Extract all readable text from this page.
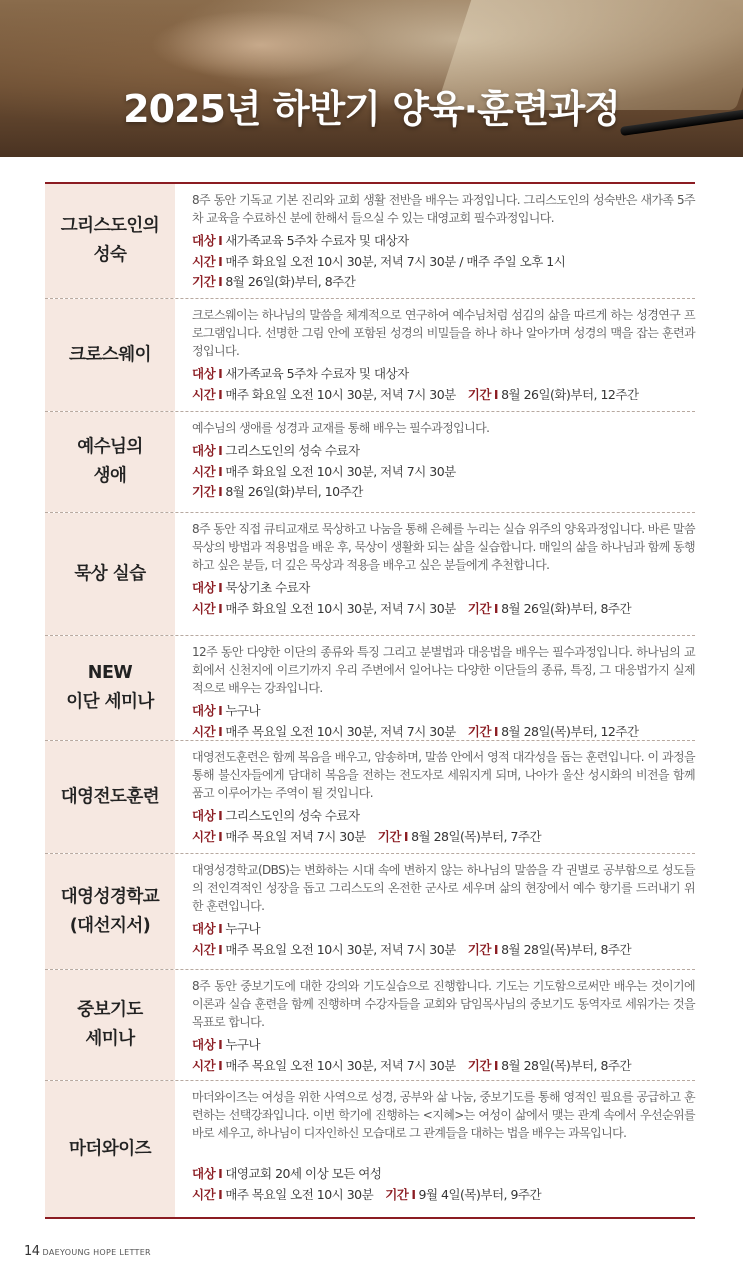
2025년 하반기 양육·훈련과정
그리스도인의
성숙
8주 동안 기독교 기본 진리와 교회 생활 전반을 배우는 과정입니다. 그리스도인의 성숙반은 새가족 5주차 교육을 수료하신 분에 한해서 들으실 수 있는 대영교회 필수과정입니다.
대상 I 새가족교육 5주차 수료자 및 대상자
시간 I 매주 화요일 오전 10시 30분, 저녁 7시 30분 / 매주 주일 오후 1시
기간 I 8월 26일(화)부터, 8주간
크로스웨이
크로스웨이는 하나님의 말씀을 체계적으로 연구하여 예수님처럼 섬김의 삶을 따르게 하는 성경연구 프로그램입니다. 선명한 그림 안에 포함된 성경의 비밀들을 하나 하나 알아가며 성경의 맥을 잡는 훈련과정입니다.
대상 I 새가족교육 5주차 수료자 및 대상자
시간 I 매주 화요일 오전 10시 30분, 저녁 7시 30분 기간 I 8월 26일(화)부터, 12주간
예수님의
생애
예수님의 생애를 성경과 교재를 통해 배우는 필수과정입니다.
대상 I 그리스도인의 성숙 수료자
시간 I 매주 화요일 오전 10시 30분, 저녁 7시 30분
기간 I 8월 26일(화)부터, 10주간
묵상 실습
8주 동안 직접 큐티교재로 묵상하고 나눔을 통해 은혜를 누리는 실습 위주의 양육과정입니다. 바른 말씀 묵상의 방법과 적용법을 배운 후, 묵상이 생활화 되는 삶을 실습합니다. 매일의 삶을 하나님과 함께 동행하고 싶은 분들, 더 깊은 묵상과 적용을 배우고 싶은 분들에게 추천합니다.
대상 I 묵상기초 수료자
시간 I 매주 화요일 오전 10시 30분, 저녁 7시 30분 기간 I 8월 26일(화)부터, 8주간
NEW
이단 세미나
12주 동안 다양한 이단의 종류와 특징 그리고 분별법과 대응법을 배우는 필수과정입니다. 하나님의 교회에서 신천지에 이르기까지 우리 주변에서 일어나는 다양한 이단들의 종류, 특징, 그 대응법가지 실제적으로 배우는 강좌입니다.
대상 I 누구나
시간 I 매주 목요일 오전 10시 30분, 저녁 7시 30분 기간 I 8월 28일(목)부터, 12주간
대영전도훈련
대영전도훈련은 함께 복음을 배우고, 암송하며, 말씀 안에서 영적 대각성을 돕는 훈련입니다. 이 과정을 통해 불신자들에게 담대히 복음을 전하는 전도자로 세워지게 되며, 나아가 울산 성시화의 비전을 함께 품고 이루어가는 주역이 될 것입니다.
대상 I 그리스도인의 성숙 수료자
시간 I 매주 목요일 저녁 7시 30분 기간 I 8월 28일(목)부터, 7주간
대영성경학교
(대선지서)
대영성경학교(DBS)는 변화하는 시대 속에 변하지 않는 하나님의 말씀을 각 권별로 공부함으로 성도들의 전인격적인 성장을 돕고 그리스도의 온전한 군사로 세우며 삶의 현장에서 예수 향기를 드러내기 위한 훈련입니다.
대상 I 누구나
시간 I 매주 목요일 오전 10시 30분, 저녁 7시 30분 기간 I 8월 28일(목)부터, 8주간
중보기도
세미나
8주 동안 중보기도에 대한 강의와 기도실습으로 진행합니다. 기도는 기도함으로써만 배우는 것이기에 이론과 실습 훈련을 함께 진행하며 수강자들을 교회와 담임목사님의 중보기도 동역자로 세워가는 것을 목표로 합니다.
대상 I 누구나
시간 I 매주 목요일 오전 10시 30분, 저녁 7시 30분 기간 I 8월 28일(목)부터, 8주간
마더와이즈
마더와이즈는 여성을 위한 사역으로 성경, 공부와 삶 나눔, 중보기도를 통해 영적인 필요를 공급하고 훈련하는 선택강좌입니다. 이번 학기에 진행하는 <지혜>는 여성이 삶에서 맺는 관계 속에서 우선순위를 바로 세우고, 하나님이 디자인하신 모습대로 그 관계들을 대하는 법을 배우는 과목입니다.
대상 I 대영교회 20세 이상 모든 여성
시간 I 매주 목요일 오전 10시 30분 기간 I 9월 4일(목)부터, 9주간
14 DAEYOUNG HOPE LETTER
